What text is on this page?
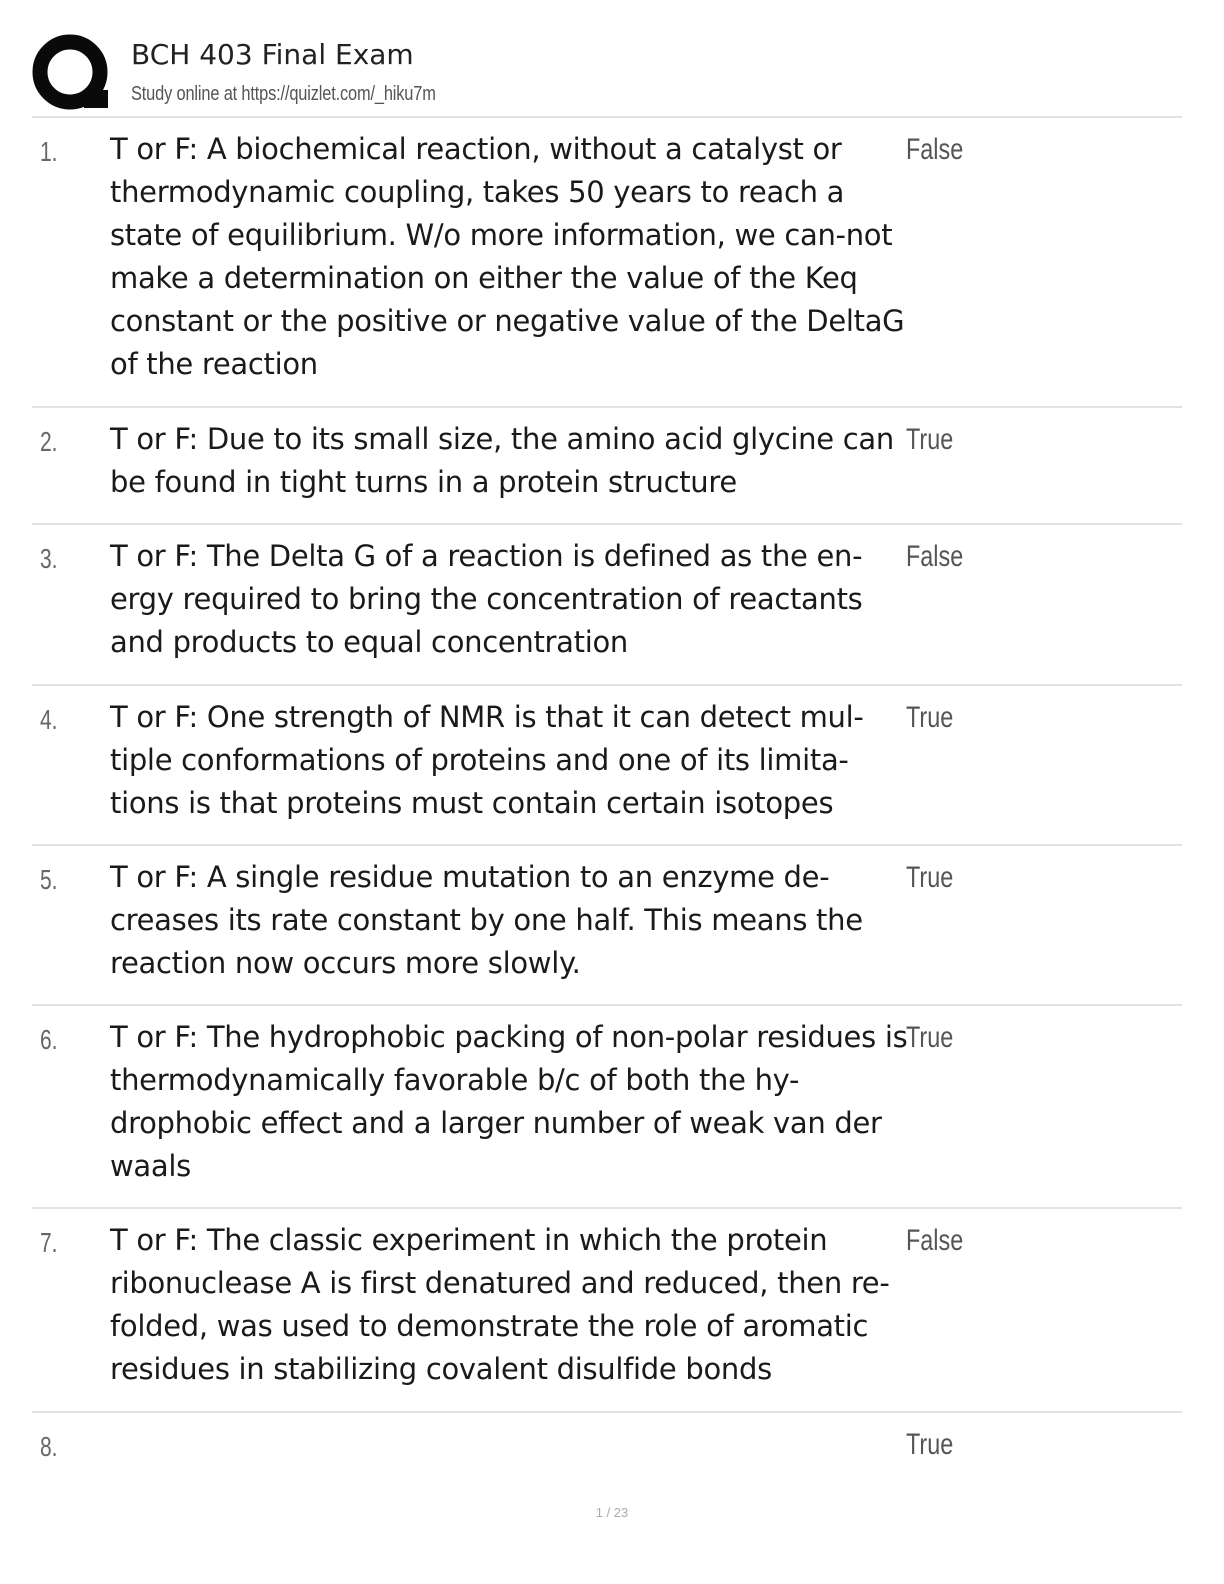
BCH 403 Final Exam
Study online at https://quizlet.com/_hiku7m
1. T or F: A biochemical reaction, without a catalyst or thermodynamic coupling, takes 50 years to reach a state of equilibrium. W/o more information, we can-not make a determination on either the value of the Keq constant or the positive or negative value of the DeltaG of the reaction
False
2. T or F: Due to its small size, the amino acid glycine can be found in tight turns in a protein structure
True
3. T or F: The Delta G of a reaction is defined as the en-ergy required to bring the concentration of reactants and products to equal concentration
False
4. T or F: One strength of NMR is that it can detect mul-tiple conformations of proteins and one of its limita-tions is that proteins must contain certain isotopes
True
5. T or F: A single residue mutation to an enzyme de-creases its rate constant by one half. This means the reaction now occurs more slowly.
True
6. T or F: The hydrophobic packing of non-polar residues is thermodynamically favorable b/c of both the hy-drophobic effect and a larger number of weak van der waals
True
7. T or F: The classic experiment in which the protein ribonuclease A is first denatured and reduced, then re-folded, was used to demonstrate the role of aromatic residues in stabilizing covalent disulfide bonds
False
8.	True
1 / 23
